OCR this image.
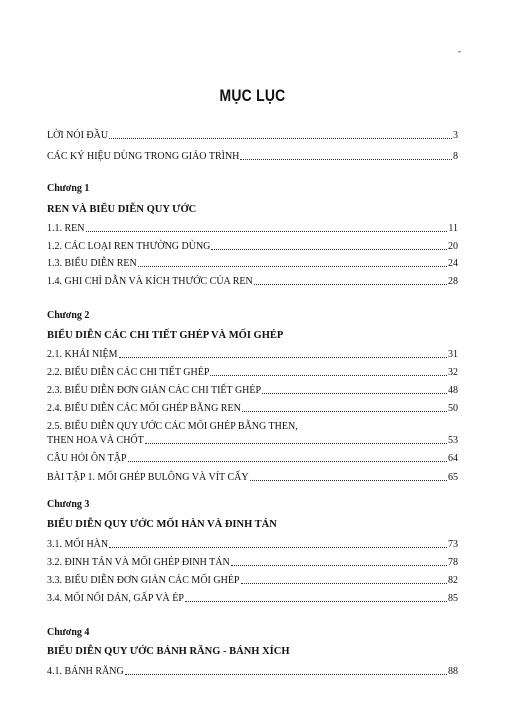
-
MỤC LỤC
LỜI NÓI ĐẦU	3
CÁC KÝ HIỆU DÙNG TRONG GIÁO TRÌNH	8
Chương 1
REN VÀ BIỂU DIỄN QUY ƯỚC
1.1. REN	11
1.2. CÁC LOẠI REN THƯỜNG DÙNG	20
1.3. BIỂU DIỄN REN	24
1.4. GHI CHỈ DẪN VÀ KÍCH THƯỚC CỦA REN	28
Chương 2
BIỂU DIỄN CÁC CHI TIẾT GHÉP VÀ MỐI GHÉP
2.1. KHÁI NIỆM	31
2.2. BIỂU DIỄN CÁC CHI TIẾT GHÉP	32
2.3. BIỂU DIỄN ĐƠN GIẢN CÁC CHI TIẾT GHÉP	48
2.4. BIỂU DIỄN CÁC MỐI GHÉP BẰNG REN	50
2.5. BIỂU DIỄN QUY ƯỚC CÁC MỐI GHÉP BẰNG THEN,
THEN HOA VÀ CHỐT	53
CÂU HỎI ÔN TẬP	64
BÀI TẬP 1. MỐI GHÉP BULÔNG VÀ VÍT CẤY	65
Chương 3
BIỂU DIỄN QUY ƯỚC MỐI HÀN VÀ ĐINH TÁN
3.1. MỐI HÀN	73
3.2. ĐINH TÁN VÀ MỐI GHÉP ĐINH TÁN	78
3.3. BIỂU DIỄN ĐƠN GIẢN CÁC MỐI GHÉP	82
3.4. MỐI NỐI DÁN, GẤP VÀ ÉP	85
Chương 4
BIỂU DIỄN QUY ƯỚC BÁNH RĂNG - BÁNH XÍCH
4.1. BÁNH RĂNG	88
